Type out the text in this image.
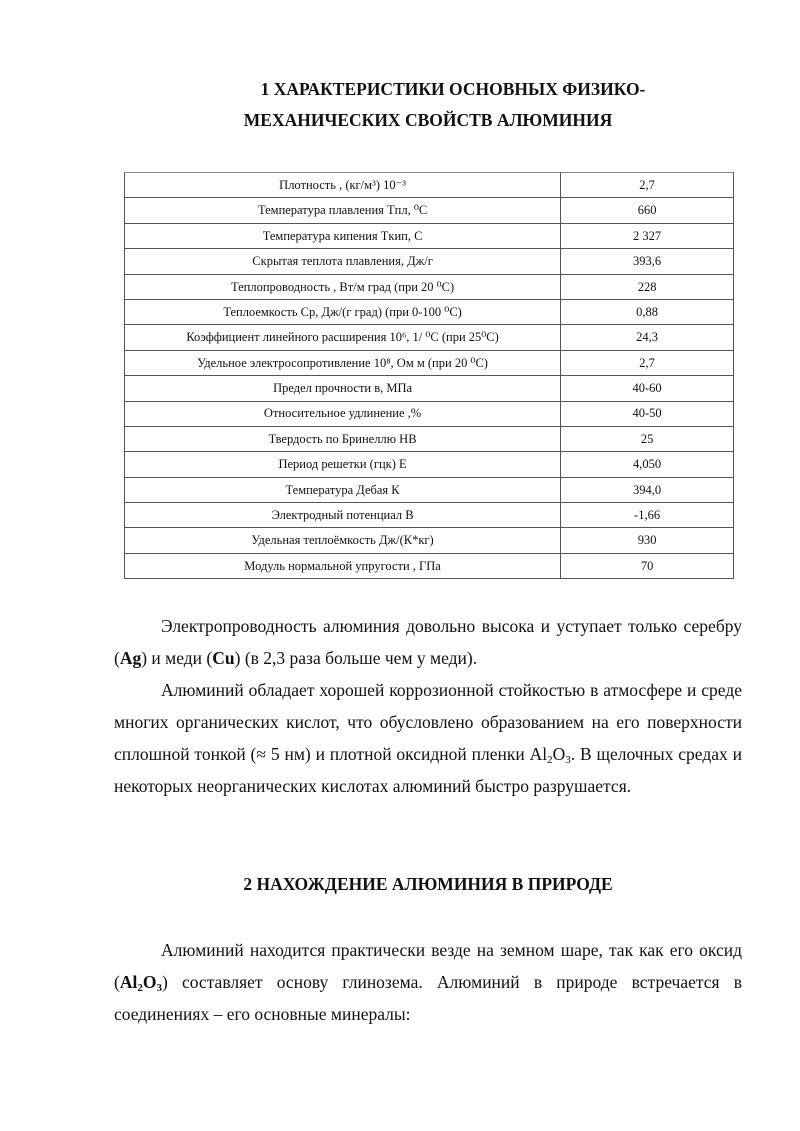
1 ХАРАКТЕРИСТИКИ ОСНОВНЫХ ФИЗИКО-
МЕХАНИЧЕСКИХ СВОЙСТВ АЛЮМИНИЯ
Плотность , (кг/м³) 10⁻³	2,7
Температура плавления Tпл, ⁰С	660
Температура кипения Tкип, С	2 327
Скрытая теплота плавления, Дж/г	393,6
Теплопроводность , Вт/м град (при 20 ⁰С)	228
Теплоемкость Cp, Дж/(г град) (при 0-100 ⁰С)	0,88
Коэффициент линейного расширения 10⁶, 1/ ⁰С (при 25⁰С)	24,3
Удельное электросопротивление 10⁸, Ом м (при 20 ⁰С)	2,7
Предел прочности в, МПа	40-60
Относительное удлинение ,%	40-50
Твердость по Бринеллю НВ	25
Период решетки (гцк) Е	4,050
Температура Дебая К	394,0
Электродный потенциал В	-1,66
Удельная теплоёмкость Дж/(К*кг)	930
Модуль нормальной упругости , ГПа	70
Электропроводность алюминия довольно высока и уступает только серебру (Ag) и меди (Cu) (в 2,3 раза больше чем у меди).
Алюминий обладает хорошей коррозионной стойкостью в атмосфере и среде многих органических кислот, что обусловлено образованием на его поверхности сплошной тонкой (≈ 5 нм) и плотной оксидной пленки $Al_2O_3$. В щелочных средах и некоторых неорганических кислотах алюминий быстро разрушается.
2 НАХОЖДЕНИЕ АЛЮМИНИЯ В ПРИРОДЕ
Алюминий находится практически везде на земном шаре, так как его оксид $(Al_2O_3)$ составляет основу глинозема. Алюминий в природе встречается в соединениях – его основные минералы:
